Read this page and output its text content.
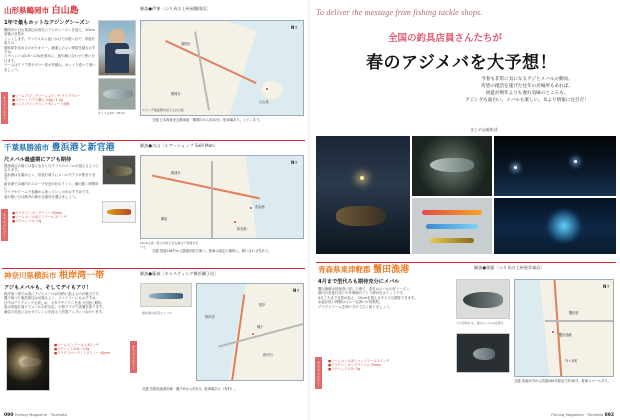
山形県鶴岡市 白山島	解説●伊東［つり具の上州屋鶴岡店］
1年で最もホットなアジングシーズン
鶴岡市の白山島周辺は春先にアジのシーズンを迎え、20cm前後の良型が
ヒットします。夕マヅメから夜にかけてが狙い目で、常夜灯周りの
明暗部を攻めるのがセオリー。潮通しのよい堤防先端もおすすめ。
ジグヘッドは0.8〜1.5gを基本に、風や潮に合わせて使い分けます。
ワームはクリア系やグロー系が実績大。ゆっくり巻いて誘いましょう。
サイズは20〜25cm
■ワーム:アジングワーム 2インチ クリアグロー
■ジグヘッド:アジ職人 0.8g / 1.2g
■ロッド:アジングロッド 6フィート前後
オススメルアー	白山島
湯野浜
鶴岡市
N↑
アジング最盛期を迎える白山島
交通 日本海東北自動車道・鶴岡ICから約20分。駐車場あり。トイレあり。
千葉県勝浦市 豊浜港と新官港	解説●古山［ルアーショップ Soill Man］
尺メバル最盛期にアジも期待
勝浦周辺の港では春になると尺クラスのメバルが狙えるようになります。
豊浜港は足場がよく、常夜灯周りにメバルやアジが集まります。
新官港では港内のスロープ付近が好ポイント。潮の動く時間帯に
プラグやワームで表層から探っていくのがおすすめです。
風が強い日は港内の静かな場所を選びましょう。
CD-5は遠く飛ぶが控え目な重さで表層を引ける
■プラグ:シンキングミノー 50mm
■ワーム:メバル用ピンテール 2インチ
■ジグヘッド:1〜2g
オススメルアー
勝浦市
豊浜港
新官港
鵜原
N↑
交通 国道128号から勝浦市街方面へ。駐車は指定の場所に。問い合わせ先あり。
神奈川県横浜市 根岸湾一帯	解説●藤森［キャスティング横浜磯子店］
アジもメバルも、そしてデイもアリ！
根岸湾一帯では春にアジとメバルが同時に狙えるのが魅力です。
磯子海づり施設周辺は足場もよく、ファミリーにもおすすめ。
日中はデイアジングも楽しめ、カタクチイワシを追う回遊に期待。
夜は常夜灯周りでメバルが好反応。小型プラグで表層を探ります。
潮位の変化に合わせてレンジを探ると釣果アップにつながります。
■ワーム:ピンテール 1.8インチ
■ジグヘッド:0.6〜1.5g
■プラグ:フローティングミノー 40mm	オススメルアー
磯子
根岸湾
新杉田
根岸
N↑
根岸湾の夜景とメバル
交通 首都高速湾岸線・磯子ICから約5分。駐車場あり（有料）。
090 Fishing Magazine · Tsuribito
To deliver the message from fishing tackle shops.
全国の釣具店員さんたちが
春のアジメバを大予想！
今春も非常に気になるアジとメバルの動向。
待望の復活を遂げた往年の名場所もあれば、
回遊が例年よりも遅れ気味のところも。
アジングも面白い。メバルも楽しい。耳より情報に注目だ！
まとめ◎編集部
青森県東津軽郡 蟹田漁港	解説●奥藤［つり具の上州屋青森店］
4月まで型代ろも期待充分にメバル
蟹田漁港は陸奥湾に面した港で、春先はメバルの好シーズン。
港内の常夜灯周りや外海側のテトラ帯が好ポイントです。
4月ごろまで良型が狙え、20cmを超えるサイズも期待できます。
水温が低い時期はスローな誘いが効果的。
プラグとワームを使い分けて広く探りましょう。
■ワーム:メバル用シャッドテール 2インチ
■プラグ:シンキングペンシル 55mm
■ジグヘッド:1.5〜3g
オススメルアー
アジが釣れる。春のメバルの良型も
蟹田漁港
蟹田駅
外ヶ浜町
N↑
交通 青森市内から国道280号経由で約40分。駐車スペースあり。
Fishing Magazine · Tsuribito 092
